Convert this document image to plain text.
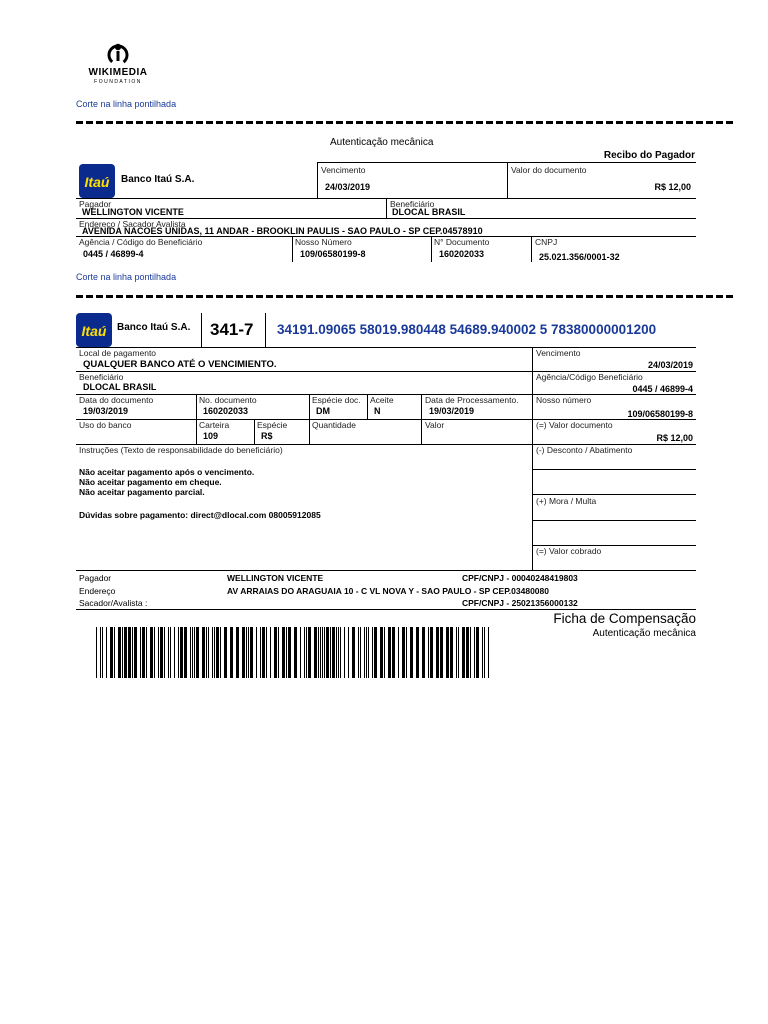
WIKIMEDIA
FOUNDATION
Corte na linha pontilhada
Autenticação mecânica
Recibo do Pagador
Itaú	Banco Itaú S.A.
Vencimento
24/03/2019
Valor do documento
R$ 12,00
Pagador
WELLINGTON VICENTE
Beneficiário
DLOCAL BRASIL
Endereço / Sacador Avalista
AVENIDA NACOES UNIDAS, 11 ANDAR - BROOKLIN PAULIS - SAO PAULO - SP CEP.04578910
Agência / Código do Beneficiário
0445 / 46899-4
Nosso Número
109/06580199-8
N° Documento
160202033
CNPJ
25.021.356/0001-32
Corte na linha pontilhada
Itaú	Banco Itaú S.A. 341-7 34191.09065 58019.980448 54689.940002 5 78380000001200
Local de pagamento
QUALQUER BANCO ATÉ O VENCIMIENTO.
Vencimento
24/03/2019
Beneficiário
DLOCAL BRASIL
Agência/Código Beneficiário
0445 / 46899-4
Data do documento
19/03/2019
No. documento
160202033
Espécie doc.
DM
Aceite
N
Data de Processamento.
19/03/2019
Nosso número
109/06580199-8
Uso do banco	Carteira
109
Espécie
R$
Quantidade	Valor	(=) Valor documento
R$ 12,00
Instruções (Texto de responsabilidade do beneficiário)
Não aceitar pagamento após o vencimento.
Não aceitar pagamento em cheque.
Não aceitar pagamento parcial.
Dúvidas sobre pagamento: direct@dlocal.com 08005912085
(-) Desconto / Abatimento
(+) Mora / Multa
(=) Valor cobrado
Pagador	WELLINGTON VICENTE	CPF/CNPJ - 00040248419803
Endereço	AV ARRAIAS DO ARAGUAIA 10 - C VL NOVA Y - SAO PAULO - SP CEP.03480080
Sacador/Avalista :	CPF/CNPJ - 25021356000132
Ficha de Compensação
Autenticação mecânica
